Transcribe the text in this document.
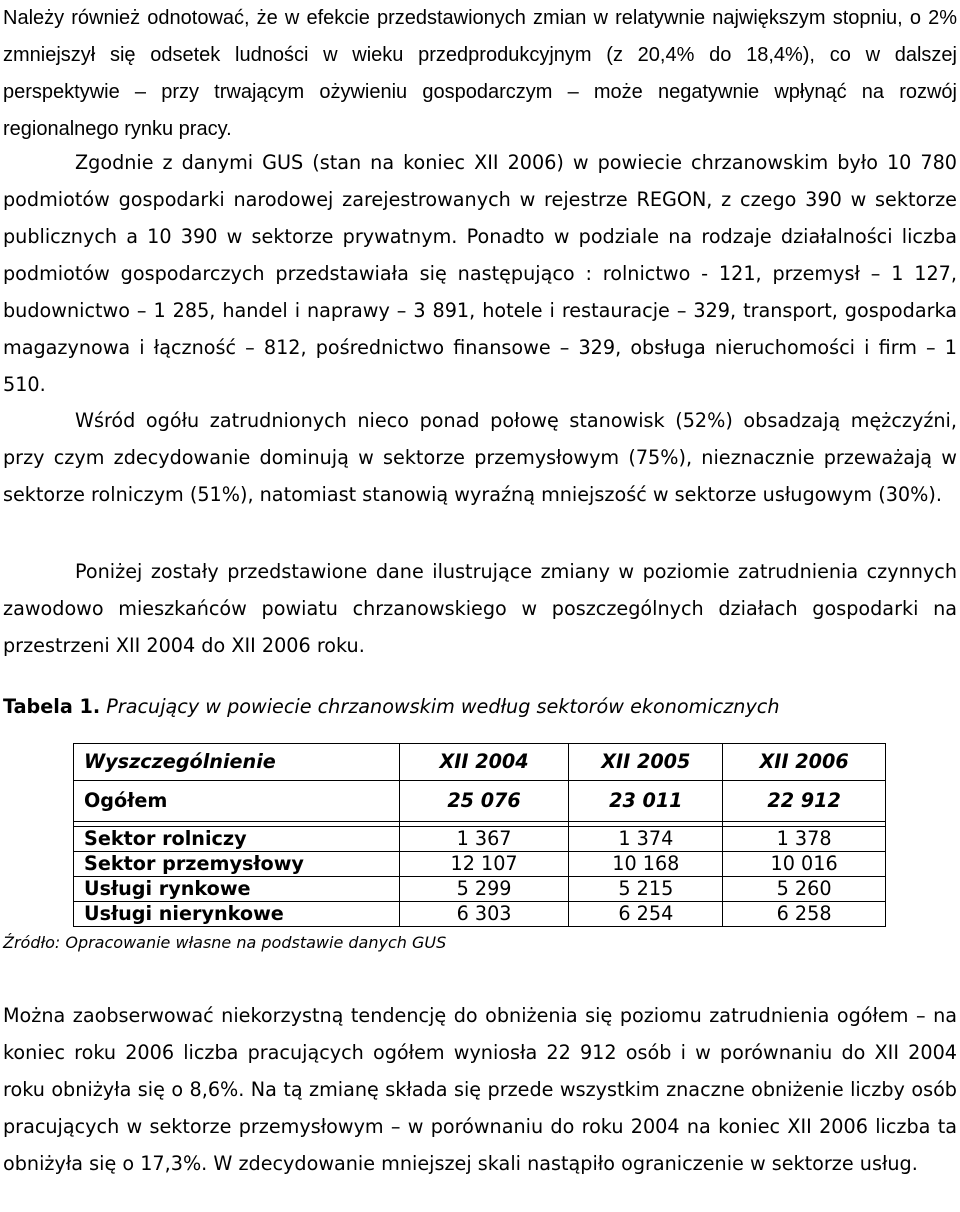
Należy również odnotować, że w efekcie przedstawionych zmian w relatywnie największym stopniu, o 2% zmniejszył się odsetek ludności w wieku przedprodukcyjnym (z 20,4% do 18,4%), co w dalszej perspektywie – przy trwającym ożywieniu gospodarczym – może negatywnie wpłynąć na rozwój regionalnego rynku pracy.

Zgodnie z danymi GUS (stan na koniec XII 2006) w powiecie chrzanowskim było 10 780 podmiotów gospodarki narodowej zarejestrowanych w rejestrze REGON, z czego 390 w sektorze publicznych a 10 390 w sektorze prywatnym. Ponadto w podziale na rodzaje działalności liczba podmiotów gospodarczych przedstawiała się następująco : rolnictwo - 121, przemysł – 1 127, budownictwo – 1 285, handel i naprawy – 3 891, hotele i restauracje – 329, transport, gospodarka magazynowa i łączność – 812, pośrednictwo finansowe – 329, obsługa nieruchomości i firm – 1 510.

Wśród ogółu zatrudnionych nieco ponad połowę stanowisk (52%) obsadzają mężczyźni, przy czym zdecydowanie dominują w sektorze przemysłowym (75%), nieznacznie przeważają w sektorze rolniczym (51%), natomiast stanowią wyraźną mniejszość w sektorze usługowym (30%).

Poniżej zostały przedstawione dane ilustrujące zmiany w poziomie zatrudnienia czynnych zawodowo mieszkańców powiatu chrzanowskiego w poszczególnych działach gospodarki na przestrzeni XII 2004 do XII 2006 roku.

Tabela 1. Pracujący w powiecie chrzanowskim według sektorów ekonomicznych
Wyszczególnienie	XII 2004	XII 2005	XII 2006
Ogółem	25 076	23 011	22 912

Sektor rolniczy	1 367	1 374	1 378
Sektor przemysłowy	12 107	10 168	10 016
Usługi rynkowe	5 299	5 215	5 260
Usługi nierynkowe	6 303	6 254	6 258
Źródło: Opracowanie własne na podstawie danych GUS

Można zaobserwować niekorzystną tendencję do obniżenia się poziomu zatrudnienia ogółem – na koniec roku 2006 liczba pracujących ogółem wyniosła 22 912 osób i w porównaniu do XII 2004 roku obniżyła się o 8,6%. Na tą zmianę składa się przede wszystkim znaczne obniżenie liczby osób pracujących w sektorze przemysłowym – w porównaniu do roku 2004 na koniec XII 2006 liczba ta obniżyła się o 17,3%. W zdecydowanie mniejszej skali nastąpiło ograniczenie w sektorze usług.
